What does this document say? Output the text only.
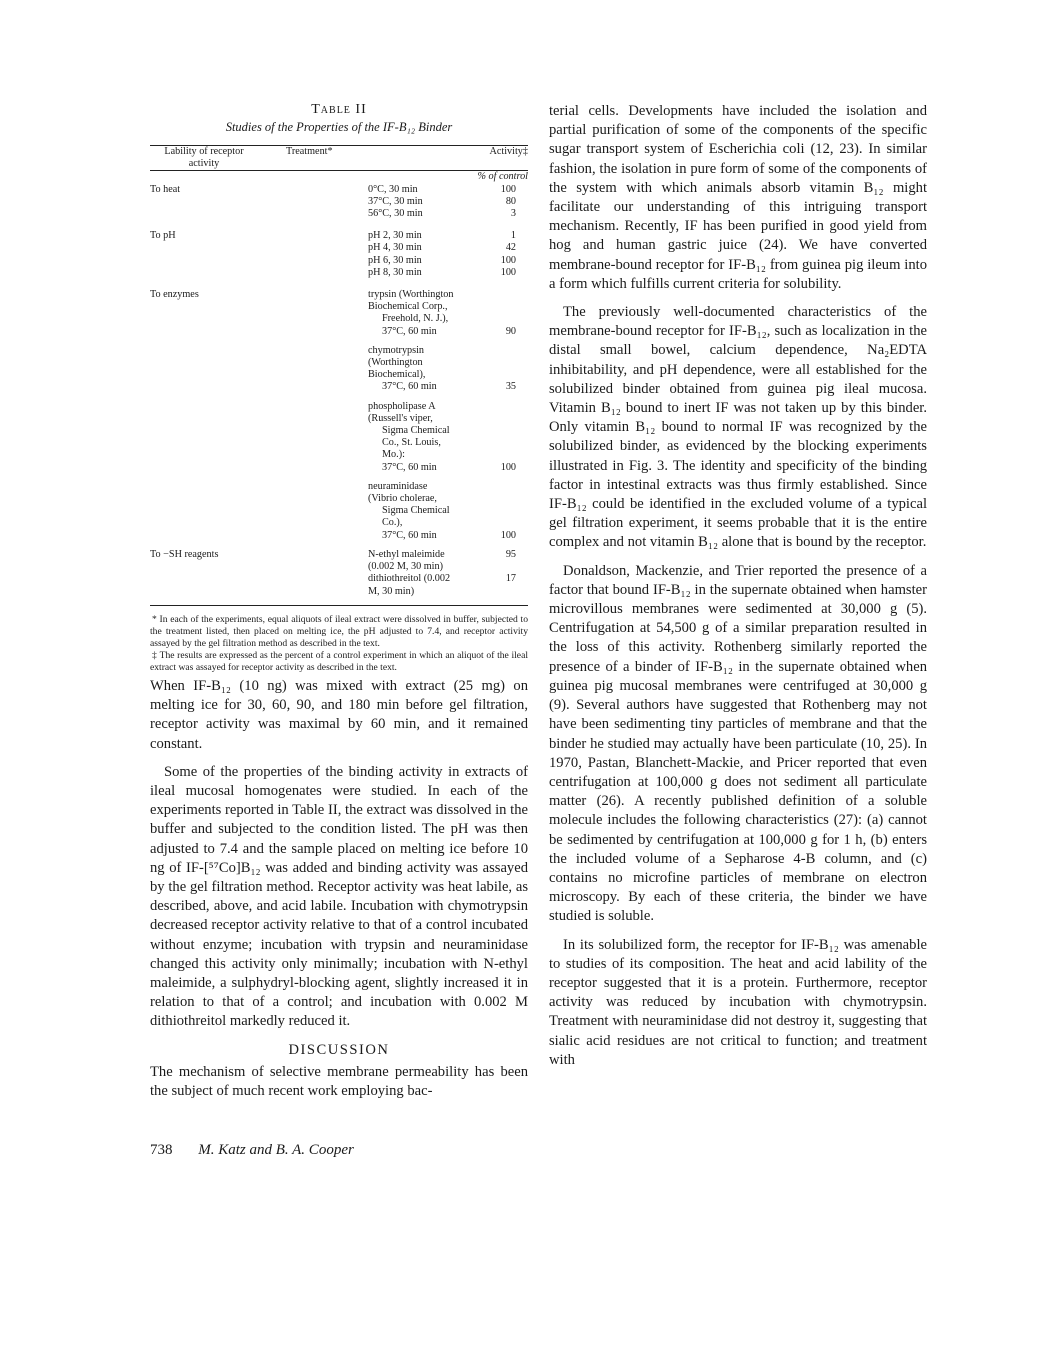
Table II
Studies of the Properties of the IF-B₁₂ Binder
Lability of receptor activity	Treatment*	Activity‡
		% of control
To heat	0°C, 30 min	100
	37°C, 30 min	80
	56°C, 30 min	3

To pH	pH 2, 30 min	1
	pH 4, 30 min	42
	pH 6, 30 min	100
	pH 8, 30 min	100

To enzymes	trypsin (Worthington Biochemical Corp.,	
	Freehold, N. J.),	
	37°C, 60 min	90

	chymotrypsin (Worthington Biochemical),	
	37°C, 60 min	35

	phospholipase A (Russell's viper,	
	Sigma Chemical Co., St. Louis, Mo.):	
	37°C, 60 min	100

	neuraminidase (Vibrio cholerae,	
	Sigma Chemical Co.),	
	37°C, 60 min	100

To −SH reagents	N-ethyl maleimide (0.002 M, 30 min)	95
	dithiothreitol (0.002 M, 30 min)	17

* In each of the experiments, equal aliquots of ileal extract were dissolved in buffer, subjected to the treatment listed, then placed on melting ice, the pH adjusted to 7.4, and receptor activity assayed by the gel filtration method as described in the text.

‡ The results are expressed as the percent of a control experiment in which an aliquot of the ileal extract was assayed for receptor activity as described in the text.

When IF-B₁₂ (10 ng) was mixed with extract (25 mg) on melting ice for 30, 60, 90, and 180 min before gel filtration, receptor activity was maximal by 60 min, and it remained constant.

Some of the properties of the binding activity in extracts of ileal mucosal homogenates were studied. In each of the experiments reported in Table II, the extract was dissolved in the buffer and subjected to the condition listed. The pH was then adjusted to 7.4 and the sample placed on melting ice before 10 ng of IF-[⁵⁷Co]B₁₂ was added and binding activity was assayed by the gel filtration method. Receptor activity was heat labile, as described, above, and acid labile. Incubation with chymotrypsin decreased receptor activity relative to that of a control incubated without enzyme; incubation with trypsin and neuraminidase changed this activity only minimally; incubation with N-ethyl maleimide, a sulphydryl-blocking agent, slightly increased it in relation to that of a control; and incubation with 0.002 M dithiothreitol markedly reduced it.

DISCUSSION

The mechanism of selective membrane permeability has been the subject of much recent work employing bac-

terial cells. Developments have included the isolation and partial purification of some of the components of the specific sugar transport system of Escherichia coli (12, 23). In similar fashion, the isolation in pure form of some of the components of the system with which animals absorb vitamin B₁₂ might facilitate our understanding of this intriguing transport mechanism. Recently, IF has been purified in good yield from hog and human gastric juice (24). We have converted membrane-bound receptor for IF-B₁₂ from guinea pig ileum into a form which fulfills current criteria for solubility.

The previously well-documented characteristics of the membrane-bound receptor for IF-B₁₂, such as localization in the distal small bowel, calcium dependence, Na₂EDTA inhibitability, and pH dependence, were all established for the solubilized binder obtained from guinea pig ileal mucosa. Vitamin B₁₂ bound to inert IF was not taken up by this binder. Only vitamin B₁₂ bound to normal IF was recognized by the solubilized binder, as evidenced by the blocking experiments illustrated in Fig. 3. The identity and specificity of the binding factor in intestinal extracts was thus firmly established. Since IF-B₁₂ could be identified in the excluded volume of a typical gel filtration experiment, it seems probable that it is the entire complex and not vitamin B₁₂ alone that is bound by the receptor.

Donaldson, Mackenzie, and Trier reported the presence of a factor that bound IF-B₁₂ in the supernate obtained when hamster microvillous membranes were sedimented at 30,000 g (5). Centrifugation at 54,500 g of a similar preparation resulted in the loss of this activity. Rothenberg similarly reported the presence of a binder of IF-B₁₂ in the supernate obtained when guinea pig mucosal membranes were centrifuged at 30,000 g (9). Several authors have suggested that Rothenberg may not have been sedimenting tiny particles of membrane and that the binder he studied may actually have been particulate (10, 25). In 1970, Pastan, Blanchett-Mackie, and Pricer reported that even centrifugation at 100,000 g does not sediment all particulate matter (26). A recently published definition of a soluble molecule includes the following characteristics (27): (a) cannot be sedimented by centrifugation at 100,000 g for 1 h, (b) enters the included volume of a Sepharose 4-B column, and (c) contains no microfine particles of membrane on electron microscopy. By each of these criteria, the binder we have studied is soluble.

In its solubilized form, the receptor for IF-B₁₂ was amenable to studies of its composition. The heat and acid lability of the receptor suggested that it is a protein. Furthermore, receptor activity was reduced by incubation with chymotrypsin. Treatment with neuraminidase did not destroy it, suggesting that sialic acid residues are not critical to function; and treatment with

738 M. Katz and B. A. Cooper
